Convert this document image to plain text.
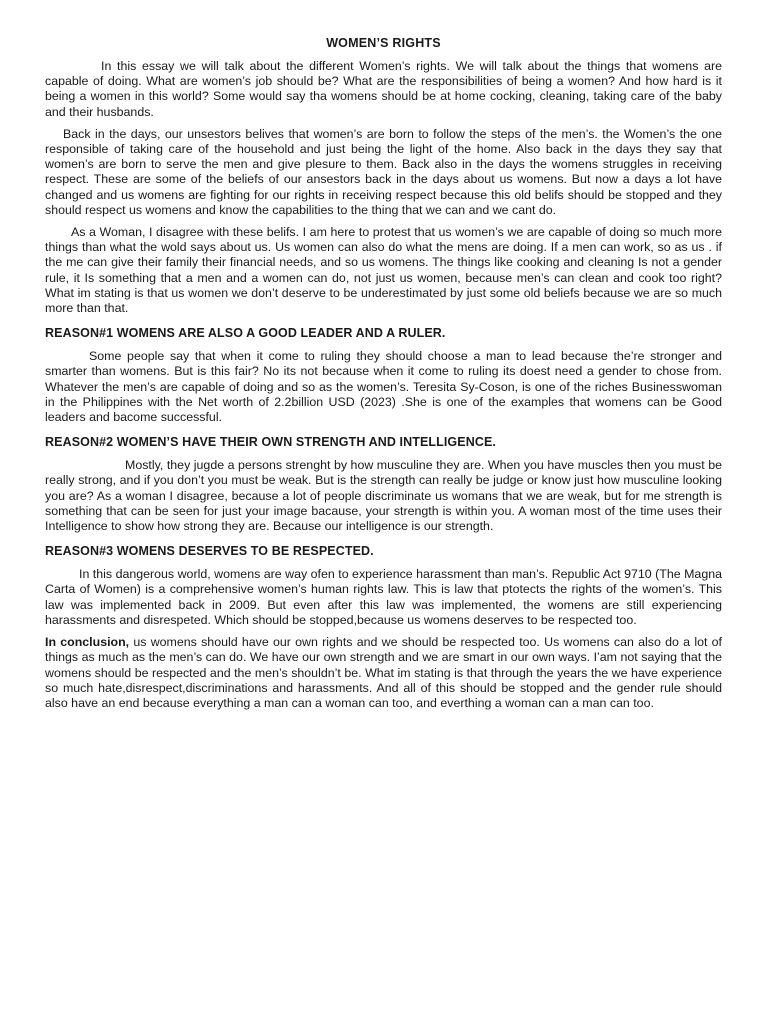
WOMEN’S RIGHTS

In this essay we will talk about the different Women’s rights. We will talk about the things that womens are capable of doing. What are women’s job should be? What are the responsibilities of being a women? And how hard is it being a women in this world? Some would say tha womens should be at home cocking, cleaning, taking care of the baby and their husbands.

Back in the days, our unsestors belives that women’s are born to follow the steps of the men’s. the Women’s the one responsible of taking care of the household and just being the light of the home. Also back in the days they say that women’s are born to serve the men and give plesure to them. Back also in the days the womens struggles in receiving respect. These are some of the beliefs of our ansestors back in the days about us womens. But now a days a lot have changed and us womens are fighting for our rights in receiving respect because this old belifs should be stopped and they should respect us womens and know the capabilities to the thing that we can and we cant do.

As a Woman, I disagree with these belifs. I am here to protest that us women’s we are capable of doing so much more things than what the wold says about us. Us women can also do what the mens are doing. If a men can work, so as us . if the me can give their family their financial needs, and so us womens. The things like cooking and cleaning Is not a gender rule, it Is something that a men and a women can do, not just us women, because men’s can clean and cook too right? What im stating is that us women we don’t deserve to be underestimated by just some old beliefs because we are so much more than that.

REASON#1 WOMENS ARE ALSO A GOOD LEADER AND A RULER.

Some people say that when it come to ruling they should choose a man to lead because the’re stronger and smarter than womens. But is this fair? No its not because when it come to ruling its doest need a gender to chose from. Whatever the men’s are capable of doing and so as the women’s. Teresita Sy-Coson, is one of the riches Businesswoman in the Philippines with the Net worth of 2.2billion USD (2023) .She is one of the examples that womens can be Good leaders and bacome successful.

REASON#2 WOMEN’S HAVE THEIR OWN STRENGTH AND INTELLIGENCE.

Mostly, they jugde a persons strenght by how musculine they are. When you have muscles then you must be really strong, and if you don’t you must be weak. But is the strength can really be judge or know just how musculine looking you are? As a woman I disagree, because a lot of people discriminate us womans that we are weak, but for me strength is something that can be seen for just your image bacause, your strength is within you. A woman most of the time uses their Intelligence to show how strong they are. Because our intelligence is our strength.

REASON#3 WOMENS DESERVES TO BE RESPECTED.

In this dangerous world, womens are way ofen to experience harassment than man’s. Republic Act 9710 (The Magna Carta of Women) is a comprehensive women’s human rights law. This is law that ptotects the rights of the women’s. This law was implemented back in 2009. But even after this law was implemented, the womens are still experiencing harassments and disrespeted. Which should be stopped,because us womens deserves to be respected too.

In conclusion, us womens should have our own rights and we should be respected too. Us womens can also do a lot of things as much as the men’s can do. We have our own strength and we are smart in our own ways. I’am not saying that the womens should be respected and the men’s shouldn’t be. What im stating is that through the years the we have experience so much hate,disrespect,discriminations and harassments. And all of this should be stopped and the gender rule should also have an end because everything a man can a woman can too, and everthing a woman can a man can too.
